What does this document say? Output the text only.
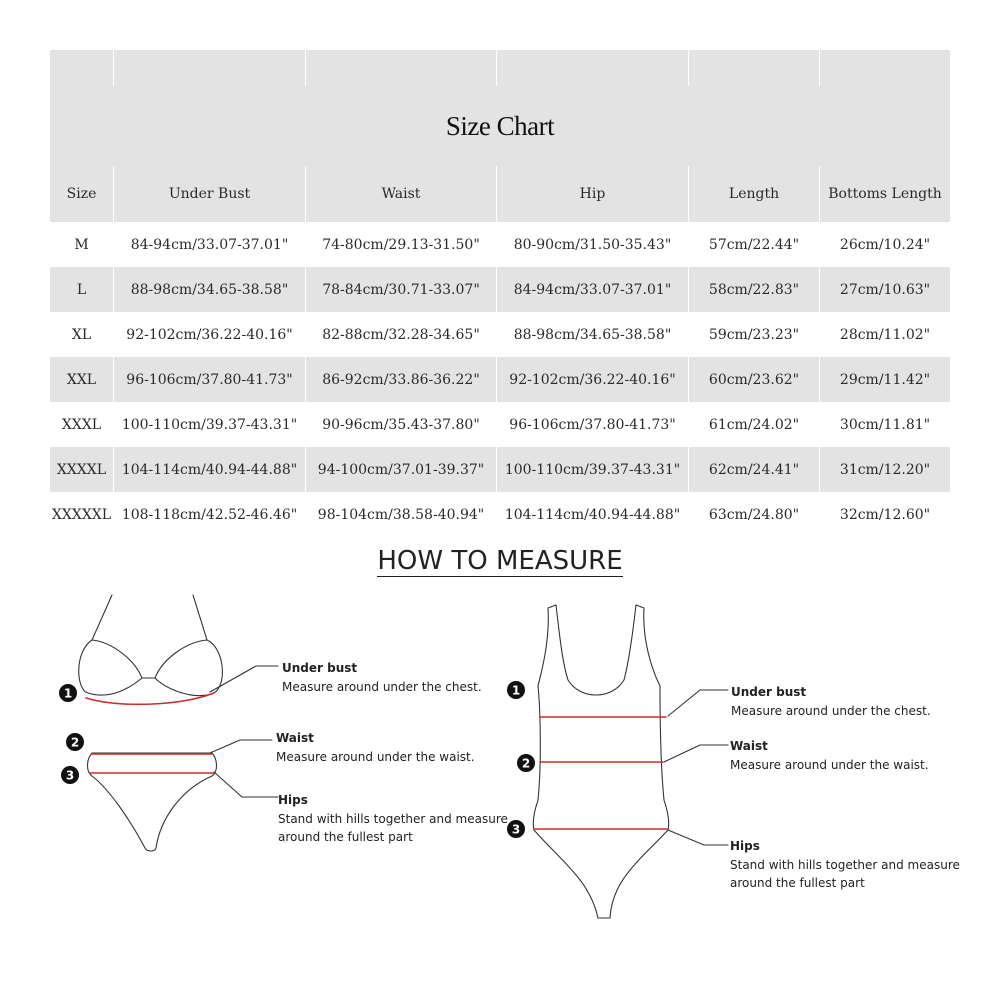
Size Chart					
Size	Under Bust	Waist	Hip	Length	Bottoms Length
M	84-94cm/33.07-37.01"	74-80cm/29.13-31.50"	80-90cm/31.50-35.43"	57cm/22.44"	26cm/10.24"
L	88-98cm/34.65-38.58"	78-84cm/30.71-33.07"	84-94cm/33.07-37.01"	58cm/22.83"	27cm/10.63"
XL	92-102cm/36.22-40.16"	82-88cm/32.28-34.65"	88-98cm/34.65-38.58"	59cm/23.23"	28cm/11.02"
XXL	96-106cm/37.80-41.73"	86-92cm/33.86-36.22"	92-102cm/36.22-40.16"	60cm/23.62"	29cm/11.42"
XXXL	100-110cm/39.37-43.31"	90-96cm/35.43-37.80"	96-106cm/37.80-41.73"	61cm/24.02"	30cm/11.81"
XXXXL	104-114cm/40.94-44.88"	94-100cm/37.01-39.37"	100-110cm/39.37-43.31"	62cm/24.41"	31cm/12.20"
XXXXXL	108-118cm/42.52-46.46"	98-104cm/38.58-40.94"	104-114cm/40.94-44.88"	63cm/24.80"	32cm/12.60"
HOW TO MEASURE
1
2
3
1
2
3
Under bust
Measure around under the chest.
Waist
Measure around under the waist.
Hips
Stand with hills together and measure
around the fullest part
Under bust
Measure around under the chest.
Waist
Measure around under the waist.
Hips
Stand with hills together and measure
around the fullest part
